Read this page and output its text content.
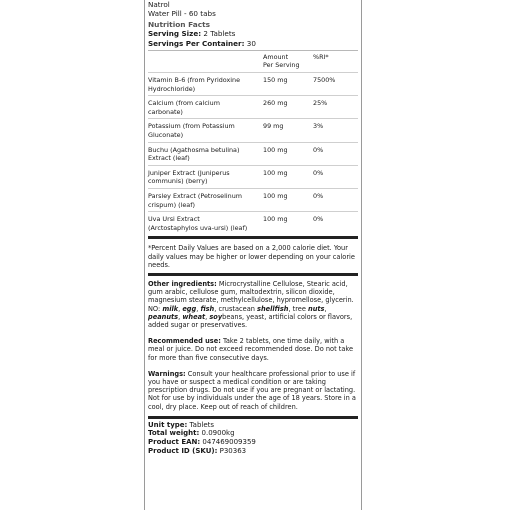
Natrol
Water Pill - 60 tabs
Nutrition Facts
Serving Size: 2 Tablets
Servings Per Container: 30

	Amount
Per Serving	%RI*

Vitamin B-6 (from Pyridoxine
Hydrochloride)	150 mg	7500%

Calcium (from calcium
carbonate)	260 mg	25%

Potassium (from Potassium
Gluconate)	99 mg	3%

Buchu (Agathosma betulina)
Extract (leaf)	100 mg	0%

Juniper Extract (Juniperus
communis) (berry)	100 mg	0%

Parsley Extract (Petroselinum
crispum) (leaf)	100 mg	0%

Uva Ursi Extract
(Arctostaphylos uva-ursi) (leaf)	100 mg	0%
*Percent Daily Values are based on a 2,000 calorie diet. Your daily values may be higher or lower depending on your calorie needs.
Other ingredients: Microcrystalline Cellulose, Stearic acid, gum arabic, cellulose gum, maltodextrin, silicon dioxide, magnesium stearate, methylcellulose, hypromellose, glycerin. NO: milk, egg, fish, crustacean shellfish, tree nuts, peanuts, wheat, soybeans, yeast, artificial colors or flavors, added sugar or preservatives.
Recommended use: Take 2 tablets, one time daily, with a meal or juice. Do not exceed recommended dose. Do not take for more than five consecutive days.
Warnings: Consult your healthcare professional prior to use if you have or suspect a medical condition or are taking prescription drugs. Do not use if you are pregnant or lactating. Not for use by individuals under the age of 18 years. Store in a cool, dry place. Keep out of reach of children.
Unit type: Tablets
Total weight: 0.0900kg
Product EAN: 047469009359
Product ID (SKU): P30363
